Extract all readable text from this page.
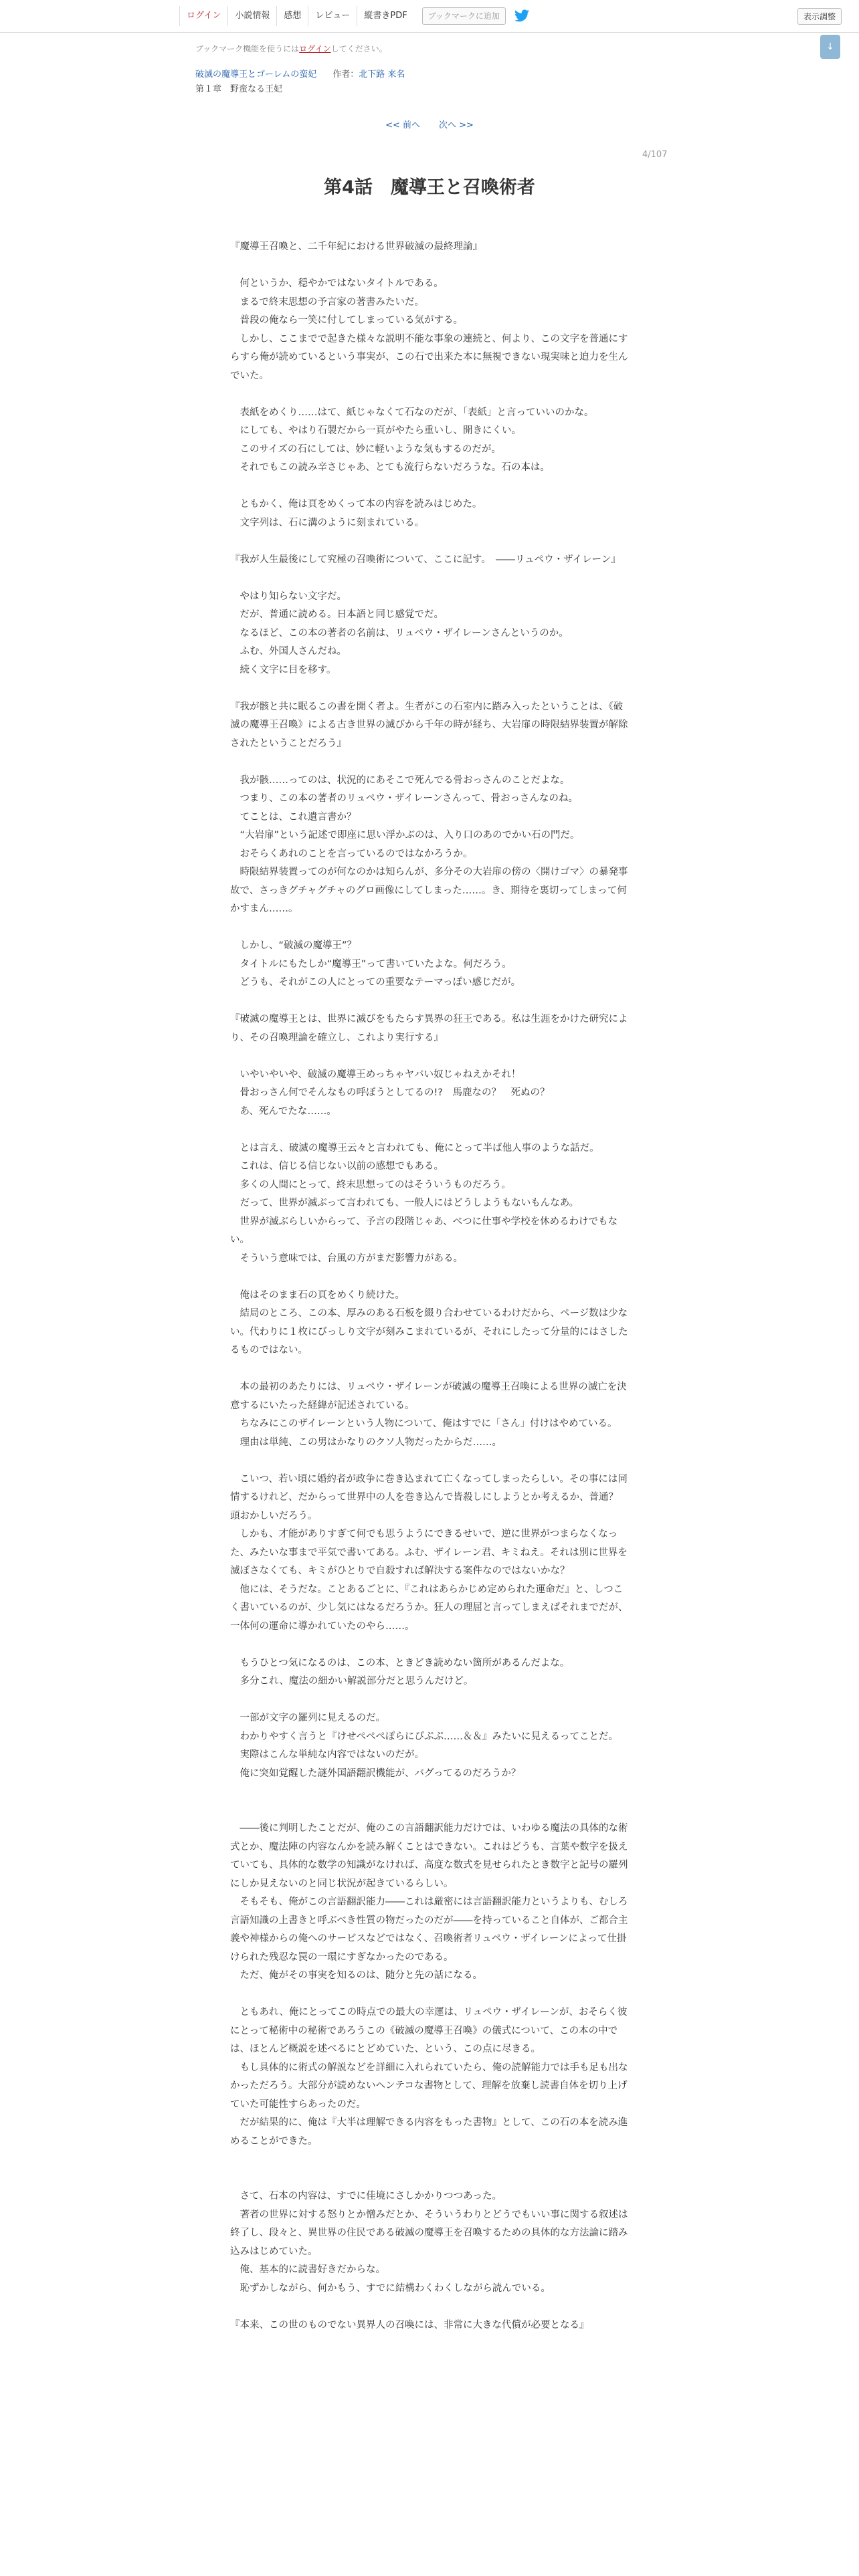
ログイン	小説情報	感想	レビュー	縦書きPDF	ブックマークに追加	表示調整
↓
ブックマーク機能を使うにはログインしてください。
破滅の魔導王とゴーレムの蛮妃 作者：北下路 来名
第１章　野蛮なる王妃
<< 前へ 次へ >>
4/107
第4話　魔導王と召喚術者

『魔導王召喚と、二千年紀における世界破滅の最終理論』

　何というか、穏やかではないタイトルである。
　まるで終末思想の予言家の著書みたいだ。
　普段の俺なら一笑に付してしまっている気がする。
　しかし、ここまでで起きた様々な説明不能な事象の連続と、何より、この文字を普通にすらすら俺が読めているという事実が、この石で出来た本に無視できない現実味と迫力を生んでいた。

　表紙をめくり……はて、紙じゃなくて石なのだが、「表紙」と言っていいのかな。
　にしても、やはり石製だから一頁がやたら重いし、開きにくい。
　このサイズの石にしては、妙に軽いような気もするのだが。
　それでもこの読み辛さじゃあ、とても流行らないだろうな。石の本は。

　ともかく、俺は頁をめくって本の内容を読みはじめた。
　文字列は、石に溝のように刻まれている。

『我が人生最後にして究極の召喚術について、ここに記す。　――リュペウ・ザイレーン』

　やはり知らない文字だ。
　だが、普通に読める。日本語と同じ感覚でだ。
　なるほど、この本の著者の名前は、リュペウ・ザイレーンさんというのか。
　ふむ、外国人さんだね。
　続く文字に目を移す。

『我が骸と共に眠るこの書を開く者よ。生者がこの石室内に踏み入ったということは、《破滅の魔導王召喚》による古き世界の滅びから千年の時が経ち、大岩扉の時限結界装置が解除されたということだろう』

　我が骸……ってのは、状況的にあそこで死んでる骨おっさんのことだよな。
　つまり、この本の著者のリュペウ・ザイレーンさんって、骨おっさんなのね。
　てことは、これ遺言書か？
　“大岩扉”という記述で即座に思い浮かぶのは、入り口のあのでかい石の門だ。
　おそらくあれのことを言っているのではなかろうか。
　時限結界装置ってのが何なのかは知らんが、多分その大岩扉の傍の〈開けゴマ〉の暴発事故で、さっきグチャグチャのグロ画像にしてしまった……。き、期待を裏切ってしまって何かすまん……。

　しかし、“破滅の魔導王”？
　タイトルにもたしか“魔導王”って書いていたよな。何だろう。
　どうも、それがこの人にとっての重要なテーマっぽい感じだが。

『破滅の魔導王とは、世界に滅びをもたらす異界の狂王である。私は生涯をかけた研究により、その召喚理論を確立し、これより実行する』

　いやいやいや、破滅の魔導王めっちゃヤバい奴じゃねえかそれ！
　骨おっさん何でそんなもの呼ぼうとしてるの!?　馬鹿なの？　死ぬの？
　あ、死んでたな……。

　とは言え、破滅の魔導王云々と言われても、俺にとって半ば他人事のような話だ。
　これは、信じる信じない以前の感想でもある。
　多くの人間にとって、終末思想ってのはそういうものだろう。
　だって、世界が滅ぶって言われても、一般人にはどうしようもないもんなあ。
　世界が滅ぶらしいからって、予言の段階じゃあ、べつに仕事や学校を休めるわけでもない。
　そういう意味では、台風の方がまだ影響力がある。

　俺はそのまま石の頁をめくり続けた。
　結局のところ、この本、厚みのある石板を綴り合わせているわけだから、ページ数は少ない。代わりに１枚にびっしり文字が刻みこまれているが、それにしたって分量的にはさしたるものではない。

　本の最初のあたりには、リュペウ・ザイレーンが破滅の魔導王召喚による世界の滅亡を決意するにいたった経緯が記述されている。
　ちなみにこのザイレーンという人物について、俺はすでに「さん」付けはやめている。
　理由は単純、この男はかなりのクソ人物だったからだ……。

　こいつ、若い頃に婚約者が政争に巻き込まれて亡くなってしまったらしい。その事には同情するけれど、だからって世界中の人を巻き込んで皆殺しにしようとか考えるか、普通？　頭おかしいだろう。
　しかも、才能がありすぎて何でも思うようにできるせいで、逆に世界がつまらなくなった、みたいな事まで平気で書いてある。ふむ、ザイレーン君、キミねえ。それは別に世界を滅ぼさなくても、キミがひとりで自殺すれば解決する案件なのではないかな？
　他には、そうだな。ことあるごとに、『これはあらかじめ定められた運命だ』と、しつこく書いているのが、少し気にはなるだろうか。狂人の理屈と言ってしまえばそれまでだが、一体何の運命に導かれていたのやら……。

　もうひとつ気になるのは、この本、ときどき読めない箇所があるんだよな。
　多分これ、魔法の細かい解説部分だと思うんだけど。

　一部が文字の羅列に見えるのだ。
　わかりやすく言うと『けせぺぺぺぽらにぴぷぷ……＆＆』みたいに見えるってことだ。
　実際はこんな単純な内容ではないのだが。
　俺に突如覚醒した謎外国語翻訳機能が、バグってるのだろうか？

　――後に判明したことだが、俺のこの言語翻訳能力だけでは、いわゆる魔法の具体的な術式とか、魔法陣の内容なんかを読み解くことはできない。これはどうも、言葉や数字を扱えていても、具体的な数学の知識がなければ、高度な数式を見せられたとき数字と記号の羅列にしか見えないのと同じ状況が起きているらしい。
　そもそも、俺がこの言語翻訳能力――これは厳密には言語翻訳能力というよりも、むしろ言語知識の上書きと呼ぶべき性質の物だったのだが――を持っていること自体が、ご都合主義や神様からの俺へのサービスなどではなく、召喚術者リュペウ・ザイレーンによって仕掛けられた残忍な罠の一環にすぎなかったのである。
　ただ、俺がその事実を知るのは、随分と先の話になる。

　ともあれ、俺にとってこの時点での最大の幸運は、リュペウ・ザイレーンが、おそらく彼にとって秘術中の秘術であろうこの《破滅の魔導王召喚》の儀式について、この本の中では、ほとんど概説を述べるにとどめていた、という、この点に尽きる。
　もし具体的に術式の解説などを詳細に入れられていたら、俺の読解能力では手も足も出なかっただろう。大部分が読めないヘンテコな書物として、理解を放棄し読書自体を切り上げていた可能性すらあったのだ。
　だが結果的に、俺は『大半は理解できる内容をもった書物』として、この石の本を読み進めることができた。

　さて、石本の内容は、すでに佳境にさしかかりつつあった。
　著者の世界に対する怒りとか憎みだとか、そういうわりとどうでもいい事に関する叙述は終了し、段々と、異世界の住民である破滅の魔導王を召喚するための具体的な方法論に踏み込みはじめていた。
　俺、基本的に読書好きだからな。
　恥ずかしながら、何かもう、すでに結構わくわくしながら読んでいる。

『本来、この世のものでない異界人の召喚には、非常に大きな代償が必要となる』
